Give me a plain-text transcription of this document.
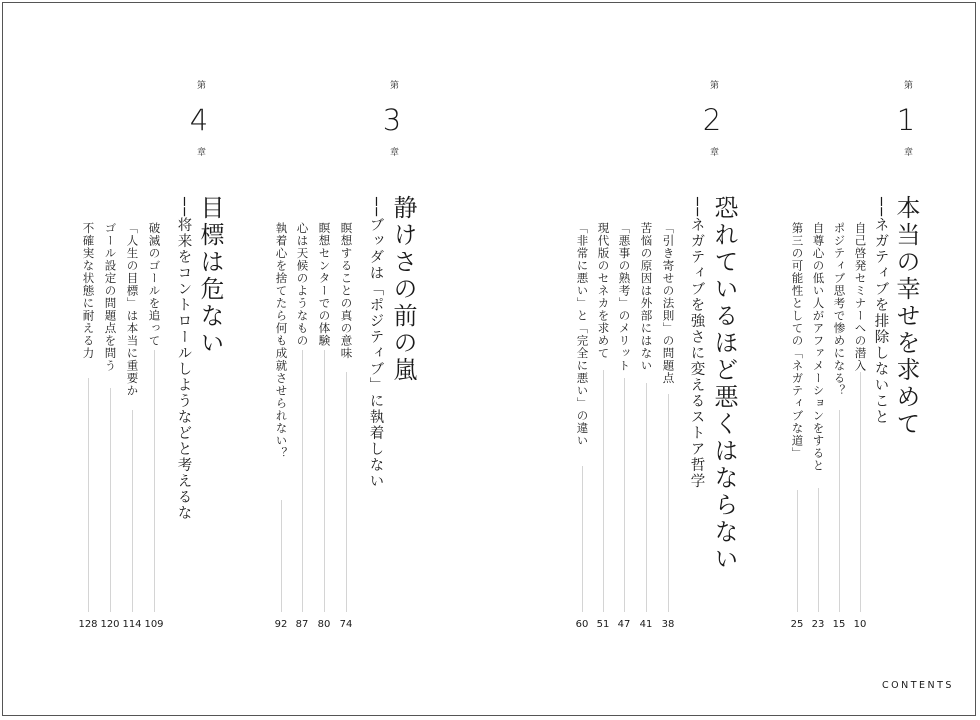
第
1
章
本当の幸せを求めて
──ネガティブを排除しないこと
自己啓発セミナーへの潜入
10
ポジティブ思考で惨めになる？
15
自尊心の低い人がアファメーションをすると
23
第三の可能性としての「ネガティブな道」
25
第
2
章
恐れているほど悪くはならない
──ネガティブを強さに変えるストア哲学
「引き寄せの法則」の問題点
38
苦悩の原因は外部にはない
41
「悪事の熟考」のメリット
47
現代版のセネカを求めて
51
「非常に悪い」と「完全に悪い」の違い
60
第
3
章
静けさの前の嵐
──ブッダは「ポジティブ」に執着しない
瞑想することの真の意味
74
瞑想センターでの体験
80
心は天候のようなもの
87
執着心を捨てたら何も成就させられない？
92
第
4
章
目標は危ない
──将来をコントロールしようなどと考えるな
破滅のゴールを追って
109
「人生の目標」は本当に重要か
114
ゴール設定の問題点を問う
120
不確実な状態に耐える力
128
CONTENTS
